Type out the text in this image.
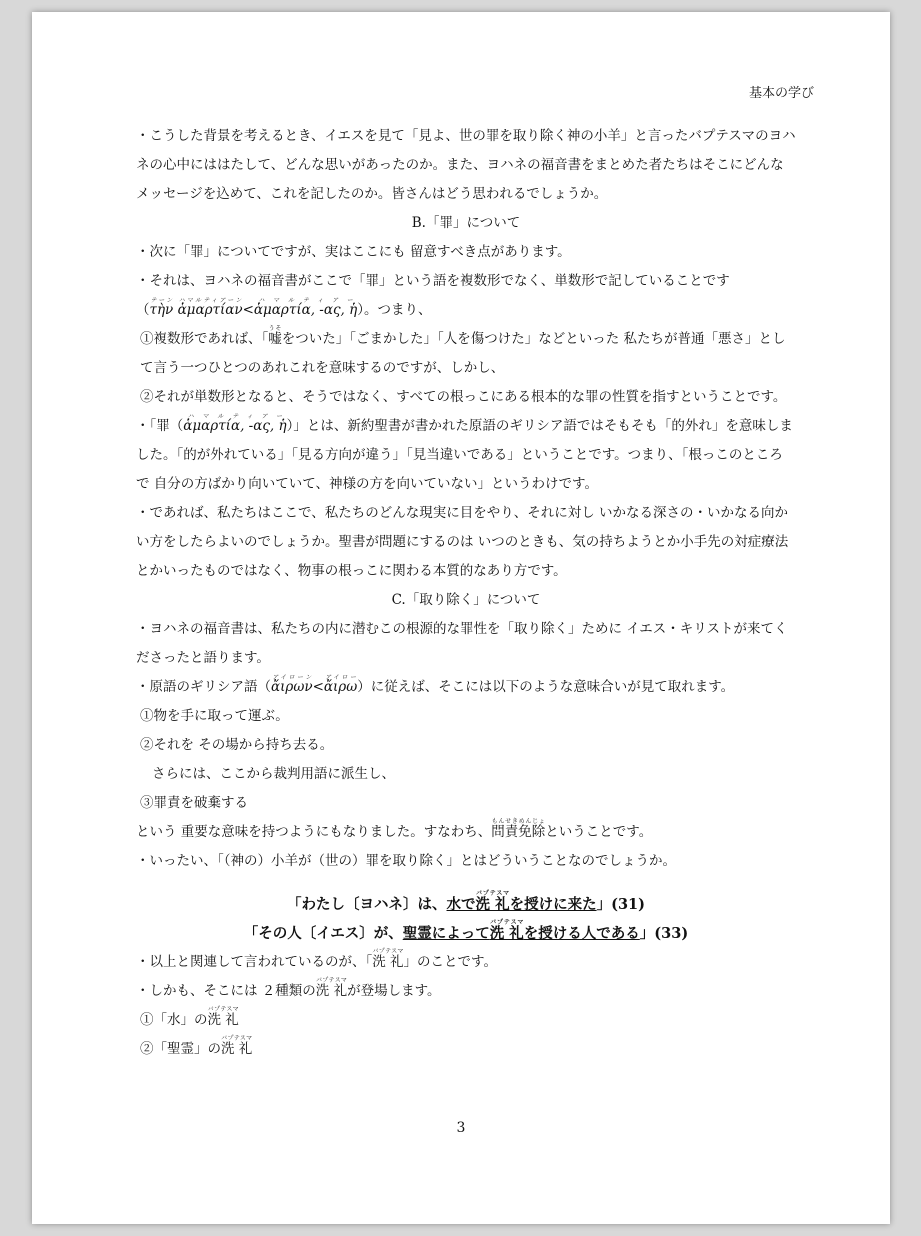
基本の学び

・こうした背景を考えるとき、イエスを見て「見よ、世の罪を取り除く神の小羊」と言ったバプテスマのヨハネの心中にははたして、どんな思いがあったのか。また、ヨハネの福音書をまとめた者たちはそこにどんなメッセージを込めて、これを記したのか。皆さんはどう思われるでしょうか。

B.「罪」について

・次に「罪」についてですが、実はここにも 留意すべき点があります。

・それは、ヨハネの福音書がここで「罪」という語を複数形でなく、単数形で記していることです
（τὴνテーン ἁμαρτίανハマルティアーン<ἁμαρτία, -ας, ἡハマルティアー）。つまり、

①複数形であれば、「嘘うそをついた」「ごまかした」「人を傷つけた」などといった 私たちが普通「悪さ」として言う一つひとつのあれこれを意味するのですが、しかし、

②それが単数形となると、そうではなく、すべての根っこにある根本的な罪の性質を指すということです。

・「罪（ἁμαρτία, -ας, ἡハマルティアー）」とは、新約聖書が書かれた原語のギリシア語ではそもそも「的外れ」を意味しました。「的が外れている」「見る方向が違う」「見当違いである」ということです。つまり、「根っこのところで 自分の方ばかり向いていて、神様の方を向いていない」というわけです。

・であれば、私たちはここで、私たちのどんな現実に目をやり、それに対し いかなる深さの・いかなる向かい方をしたらよいのでしょうか。聖書が問題にするのは いつのときも、気の持ちようとか小手先の対症療法とかいったものではなく、物事の根っこに関わる本質的なあり方です。

C.「取り除く」について

・ヨハネの福音書は、私たちの内に潜むこの根源的な罪性を「取り除く」ために イエス・キリストが来てくださったと語ります。

・原語のギリシア語（ἄιρωνアイローン<ἄιρωアイロー）に従えば、そこには以下のような意味合いが見て取れます。

①物を手に取って運ぶ。

②それを その場から持ち去る。

さらには、ここから裁判用語に派生し、

③罪責を破棄する

という 重要な意味を持つようにもなりました。すなわち、問責免除もんせきめんじょということです。

・いったい、「（神の）小羊が（世の）罪を取り除く」とはどういうことなのでしょうか。

「わたし〔ヨハネ〕は、水で洗 礼バプテスマを授けに来た」(31)

「その人〔イエス〕が、聖霊によって洗 礼バプテスマを授ける人である」(33)

・以上と関連して言われているのが、「洗 礼バプテスマ」のことです。

・しかも、そこには ２種類の洗 礼バプテスマが登場します。

①「水」の洗 礼バプテスマ

②「聖霊」の洗 礼バプテスマ

3
